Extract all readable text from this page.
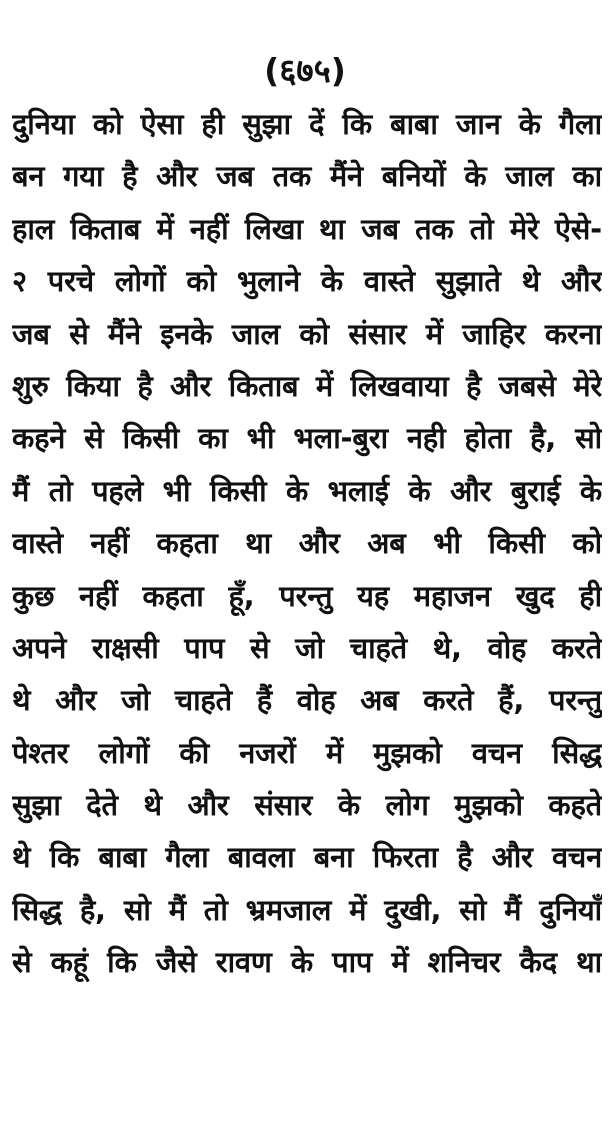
(६७५)
दुनिया को ऐसा ही सुझा दें कि बाबा जान के गैला
बन गया है और जब तक मैंने बनियों के जाल का
हाल किताब में नहीं लिखा था जब तक तो मेरे ऐसे-
२ परचे लोगों को भुलाने के वास्ते सुझाते थे और
जब से मैंने इनके जाल को संसार में जाहिर करना
शुरु किया है और किताब में लिखवाया है जबसे मेरे
कहने से किसी का भी भला-बुरा नही होता है, सो
मैं तो पहले भी किसी के भलाई के और बुराई के
वास्ते नहीं कहता था और अब भी किसी को
कुछ नहीं कहता हूँ, परन्तु यह महाजन खुद ही
अपने राक्षसी पाप से जो चाहते थे, वोह करते
थे और जो चाहते हैं वोह अब करते हैं, परन्तु
पेश्तर लोगों की नजरों में मुझको वचन सिद्ध
सुझा देते थे और संसार के लोग मुझको कहते
थे कि बाबा गैला बावला बना फिरता है और वचन
सिद्ध है, सो मैं तो भ्रमजाल में दुखी, सो मैं दुनियाँ
से कहूं कि जैसे रावण के पाप में शनिचर कैद था
